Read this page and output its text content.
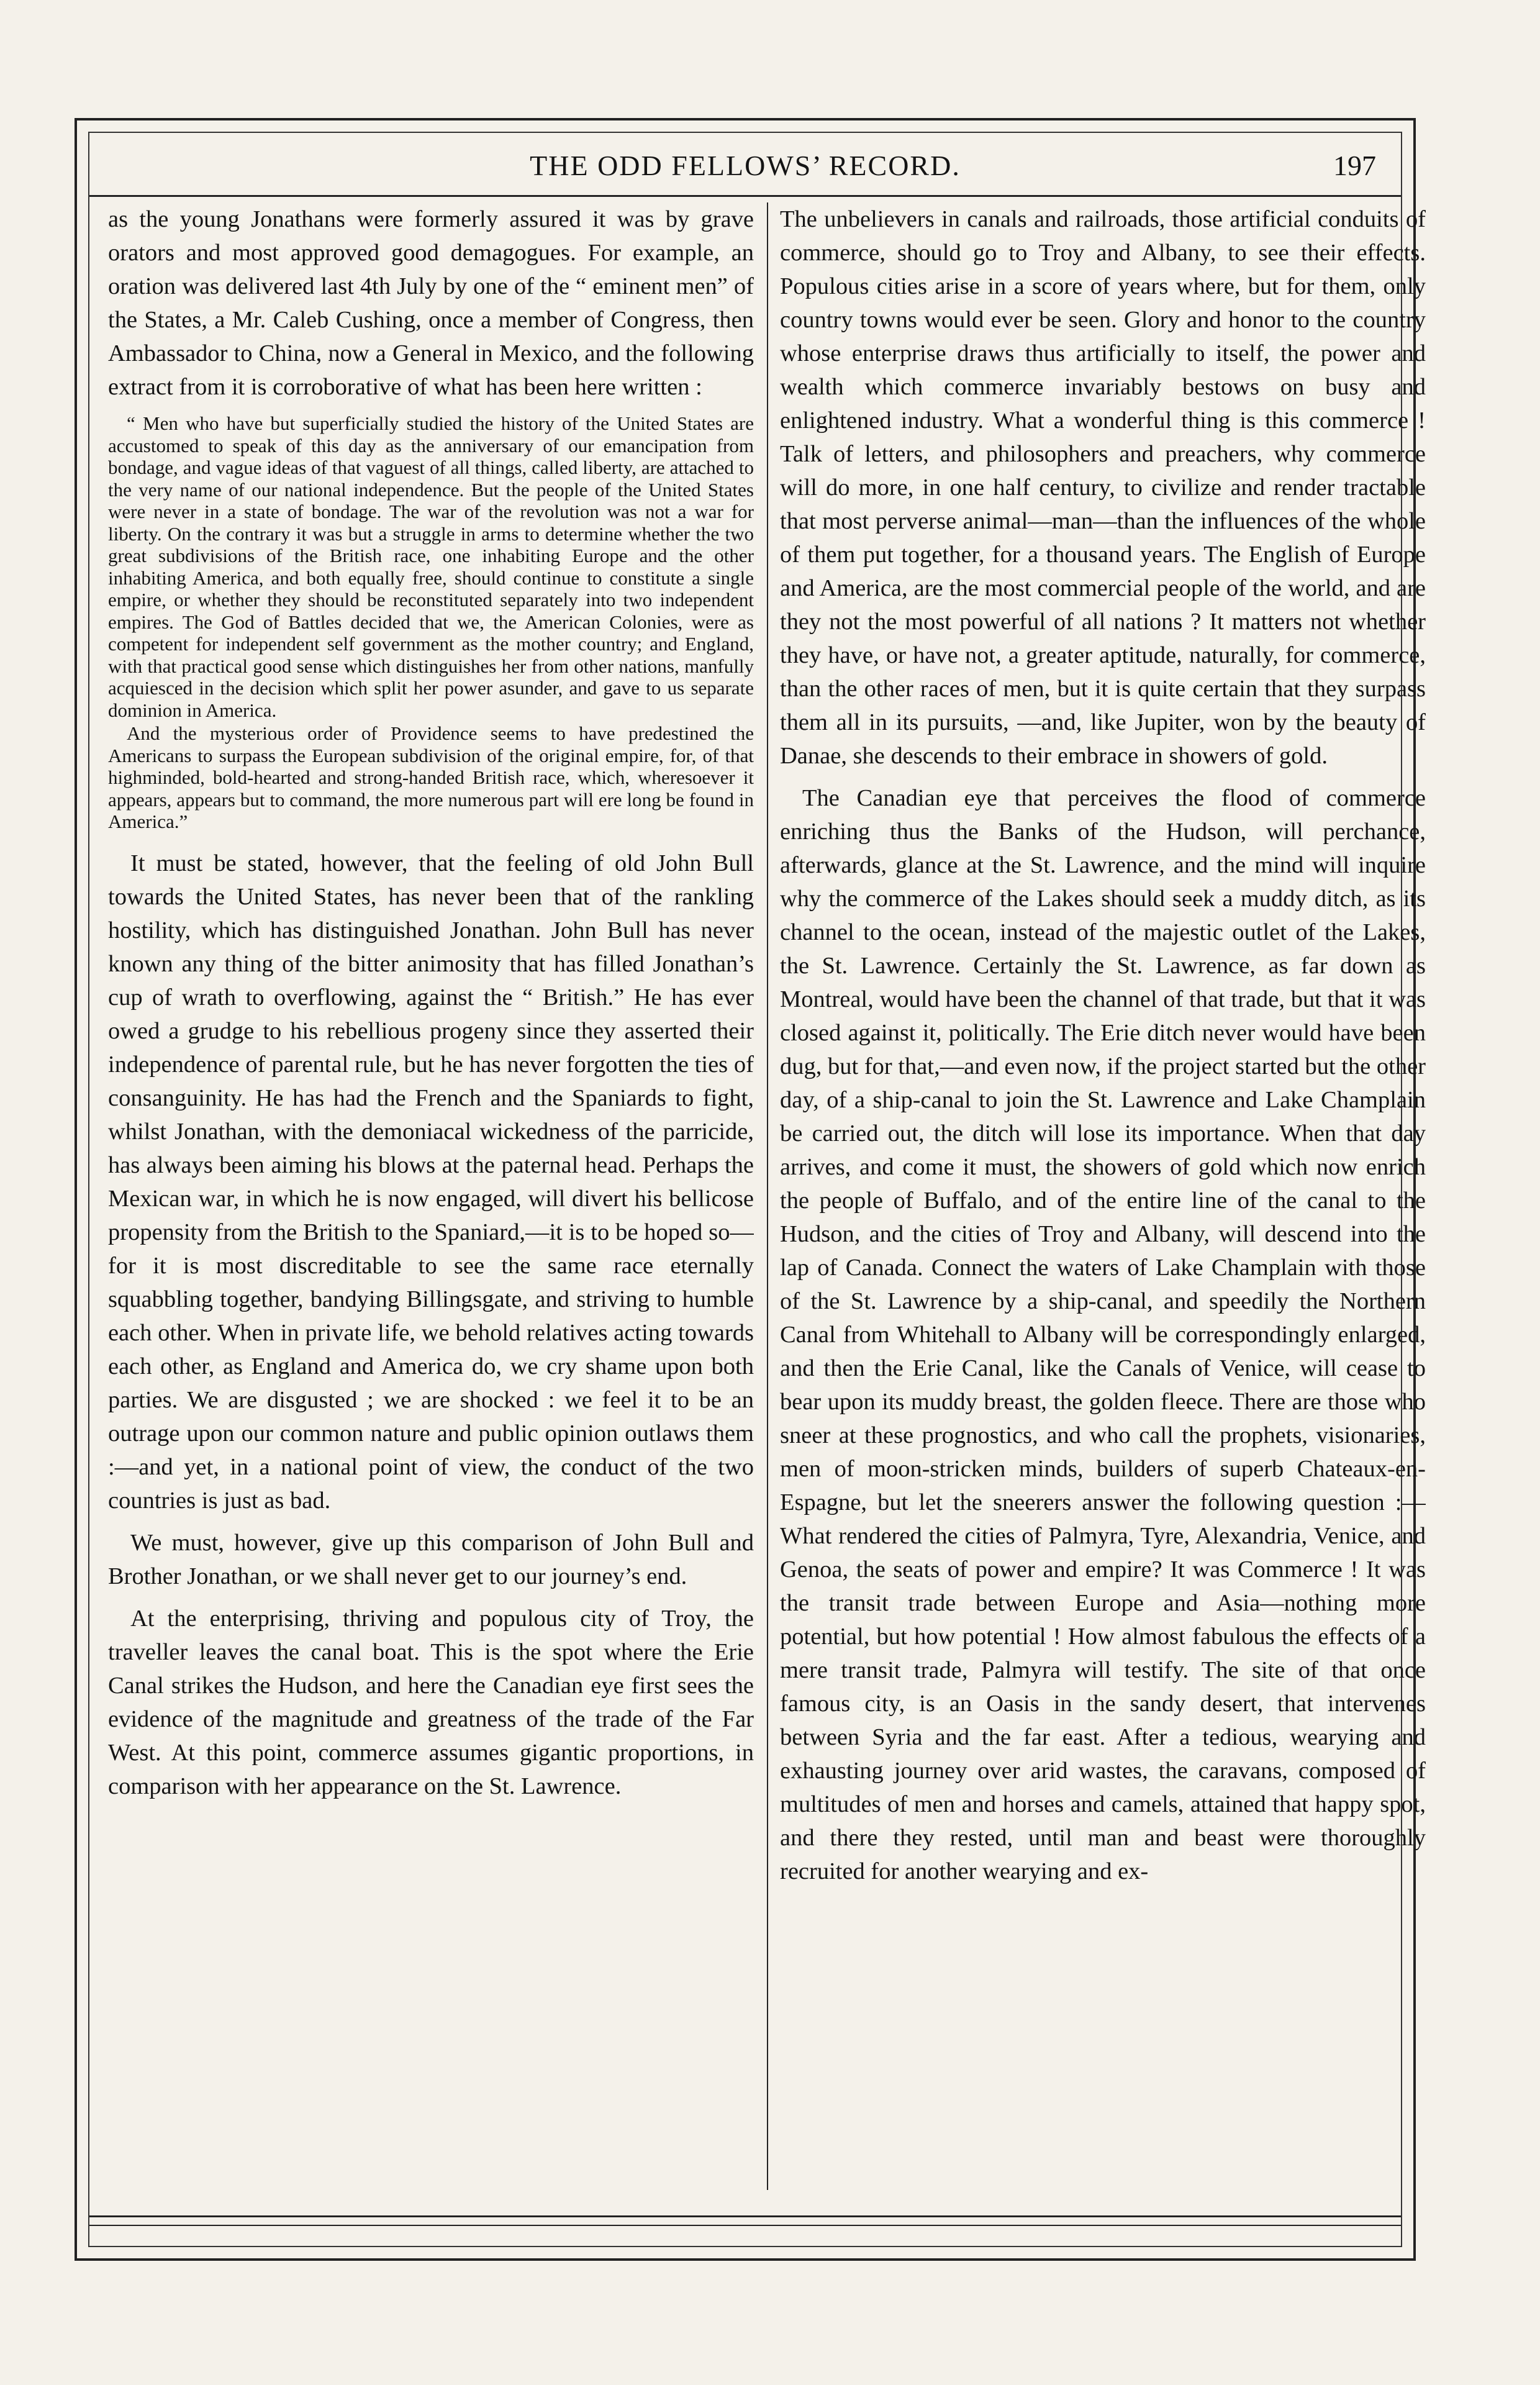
THE ODD FELLOWS’ RECORD.	197

as the young Jonathans were formerly assured it was by grave orators and most approved good demagogues. For example, an oration was delivered last 4th July by one of the “ eminent men” of the States, a Mr. Caleb Cushing, once a member of Congress, then Ambassador to China, now a General in Mexico, and the following extract from it is corroborative of what has been here written :

“ Men who have but superficially studied the history of the United States are accustomed to speak of this day as the anniversary of our emancipation from bondage, and vague ideas of that vaguest of all things, called liberty, are attached to the very name of our national independence. But the people of the United States were never in a state of bondage. The war of the revolution was not a war for liberty. On the contrary it was but a struggle in arms to determine whether the two great subdivisions of the British race, one inhabiting Europe and the other inhabiting America, and both equally free, should continue to constitute a single empire, or whether they should be reconstituted separately into two independent empires. The God of Battles decided that we, the American Colonies, were as competent for independent self government as the mother country; and England, with that practical good sense which distinguishes her from other nations, manfully acquiesced in the decision which split her power asunder, and gave to us separate dominion in America.

And the mysterious order of Providence seems to have predestined the Americans to surpass the European subdivision of the original empire, for, of that highminded, bold-hearted and strong-handed British race, which, wheresoever it appears, appears but to command, the more numerous part will ere long be found in America.”

It must be stated, however, that the feeling of old John Bull towards the United States, has never been that of the rankling hostility, which has distinguished Jonathan. John Bull has never known any thing of the bitter animosity that has filled Jonathan’s cup of wrath to overflowing, against the “ British.” He has ever owed a grudge to his rebellious progeny since they asserted their independence of parental rule, but he has never forgotten the ties of consanguinity. He has had the French and the Spaniards to fight, whilst Jonathan, with the demoniacal wickedness of the parricide, has always been aiming his blows at the paternal head. Perhaps the Mexican war, in which he is now engaged, will divert his bellicose propensity from the British to the Spaniard,—it is to be hoped so—for it is most discreditable to see the same race eternally squabbling together, bandying Billingsgate, and striving to humble each other. When in private life, we behold relatives acting towards each other, as England and America do, we cry shame upon both parties. We are disgusted ; we are shocked : we feel it to be an outrage upon our common nature and public opinion outlaws them :—and yet, in a national point of view, the conduct of the two countries is just as bad.

We must, however, give up this comparison of John Bull and Brother Jonathan, or we shall never get to our journey’s end.

At the enterprising, thriving and populous city of Troy, the traveller leaves the canal boat. This is the spot where the Erie Canal strikes the Hudson, and here the Canadian eye first sees the evidence of the magnitude and greatness of the trade of the Far West. At this point, commerce assumes gigantic proportions, in comparison with her appearance on the St. Lawrence.

The unbelievers in canals and railroads, those artificial conduits of commerce, should go to Troy and Albany, to see their effects. Populous cities arise in a score of years where, but for them, only country towns would ever be seen. Glory and honor to the country whose enterprise draws thus artificially to itself, the power and wealth which commerce invariably bestows on busy and enlightened industry. What a wonderful thing is this commerce ! Talk of letters, and philosophers and preachers, why commerce will do more, in one half century, to civilize and render tractable that most perverse animal—man—than the influences of the whole of them put together, for a thousand years. The English of Europe and America, are the most commercial people of the world, and are they not the most powerful of all nations ? It matters not whether they have, or have not, a greater aptitude, naturally, for commerce, than the other races of men, but it is quite certain that they surpass them all in its pursuits, —and, like Jupiter, won by the beauty of Danae, she descends to their embrace in showers of gold.

The Canadian eye that perceives the flood of commerce enriching thus the Banks of the Hudson, will perchance, afterwards, glance at the St. Lawrence, and the mind will inquire why the commerce of the Lakes should seek a muddy ditch, as its channel to the ocean, instead of the majestic outlet of the Lakes, the St. Lawrence. Certainly the St. Lawrence, as far down as Montreal, would have been the channel of that trade, but that it was closed against it, politically. The Erie ditch never would have been dug, but for that,—and even now, if the project started but the other day, of a ship-canal to join the St. Lawrence and Lake Champlain be carried out, the ditch will lose its importance. When that day arrives, and come it must, the showers of gold which now enrich the people of Buffalo, and of the entire line of the canal to the Hudson, and the cities of Troy and Albany, will descend into the lap of Canada. Connect the waters of Lake Champlain with those of the St. Lawrence by a ship-canal, and speedily the Northern Canal from Whitehall to Albany will be correspondingly enlarged, and then the Erie Canal, like the Canals of Venice, will cease to bear upon its muddy breast, the golden fleece. There are those who sneer at these prognostics, and who call the prophets, visionaries, men of moon-stricken minds, builders of superb Chateaux-en-Espagne, but let the sneerers answer the following question :—What rendered the cities of Palmyra, Tyre, Alexandria, Venice, and Genoa, the seats of power and empire? It was Commerce ! It was the transit trade between Europe and Asia—nothing more potential, but how potential ! How almost fabulous the effects of a mere transit trade, Palmyra will testify. The site of that once famous city, is an Oasis in the sandy desert, that intervenes between Syria and the far east. After a tedious, wearying and exhausting journey over arid wastes, the caravans, composed of multitudes of men and horses and camels, attained that happy spot, and there they rested, until man and beast were thoroughly recruited for another wearying and ex-
